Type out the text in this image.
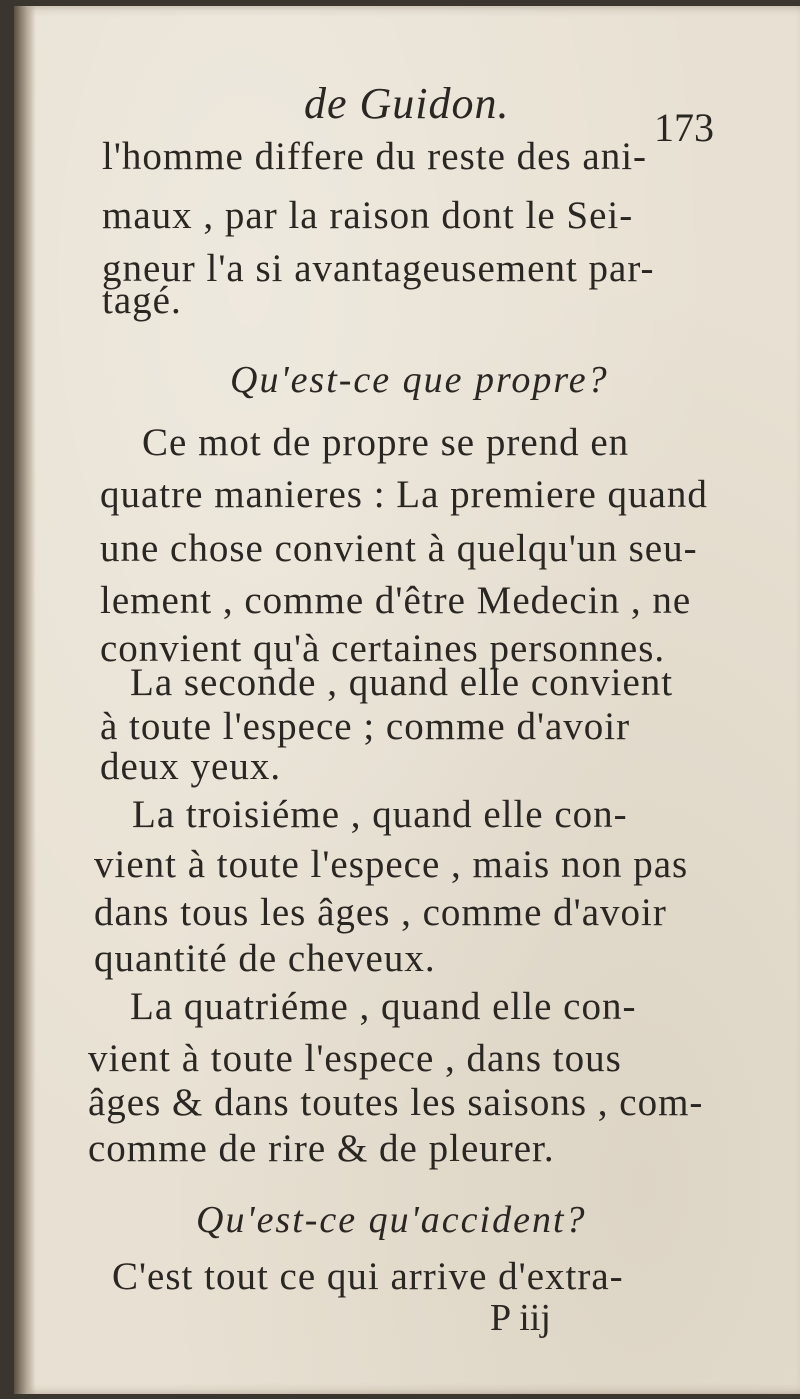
de Guidon.	173
l'homme differe du reste des ani-
maux , par la raison dont le Sei-
gneur l'a si avantageusement par-
tagé.
Qu'est-ce que propre?
Ce mot de propre se prend en
quatre manieres : La premiere quand
une chose convient à quelqu'un seu-
lement , comme d'être Medecin , ne
convient qu'à certaines personnes.
La seconde , quand elle convient
à toute l'espece ; comme d'avoir
deux yeux.
La troisiéme , quand elle con-
vient à toute l'espece , mais non pas
dans tous les âges , comme d'avoir
quantité de cheveux.
La quatriéme , quand elle con-
vient à toute l'espece , dans tous
âges & dans toutes les saisons , com-
comme de rire & de pleurer.
Qu'est-ce qu'accident?
C'est tout ce qui arrive d'extra-
P iij
